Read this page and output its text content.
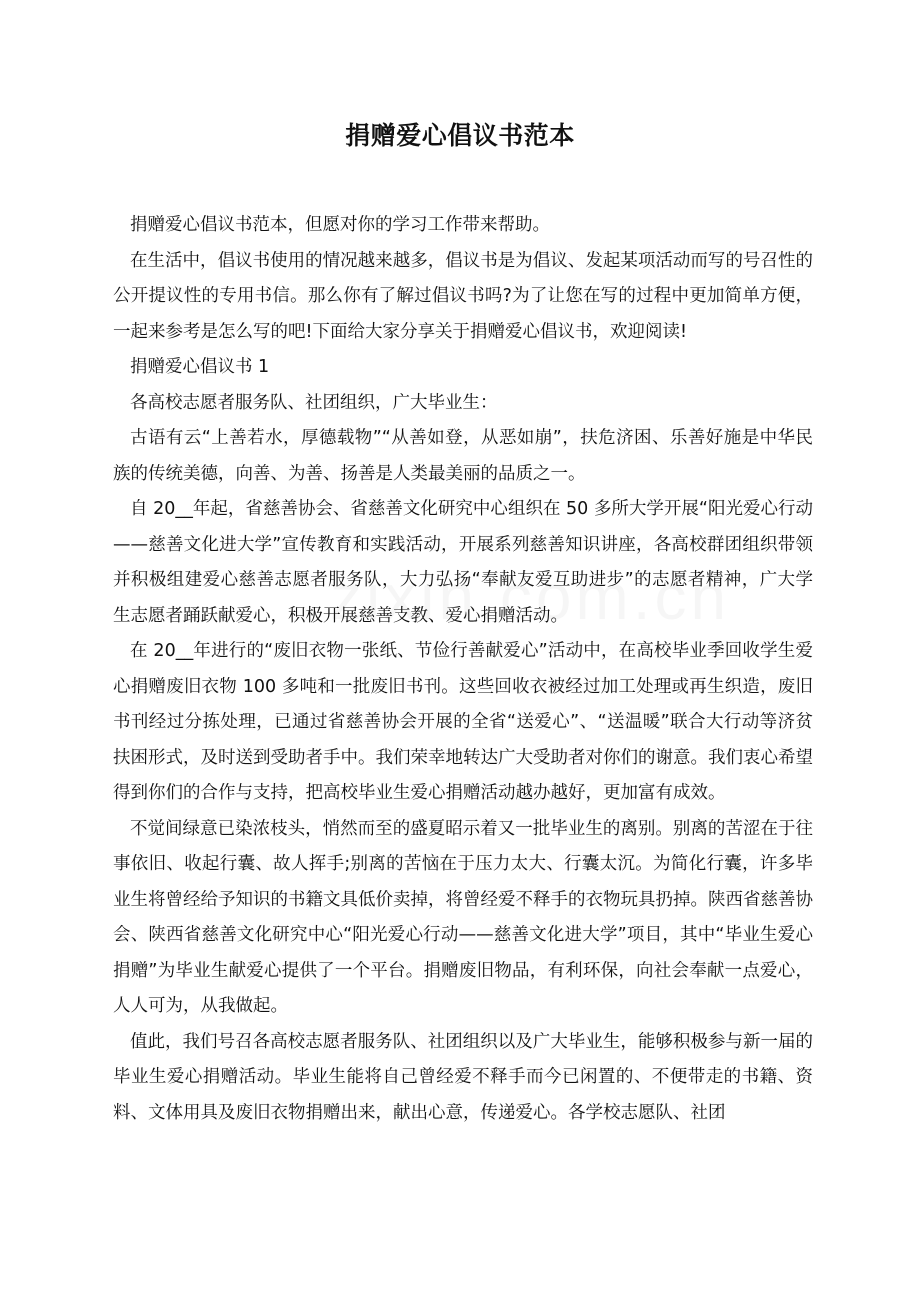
捐赠爱心倡议书范本

捐赠爱心倡议书范本，但愿对你的学习工作带来帮助。

在生活中，倡议书使用的情况越来越多，倡议书是为倡议、发起某项活动而写的号召性的公开提议性的专用书信。那么你有了解过倡议书吗?为了让您在写的过程中更加简单方便，一起来参考是怎么写的吧!下面给大家分享关于捐赠爱心倡议书，欢迎阅读!

捐赠爱心倡议书 1

各高校志愿者服务队、社团组织，广大毕业生：

古语有云“上善若水，厚德载物”“从善如登，从恶如崩”，扶危济困、乐善好施是中华民族的传统美德，向善、为善、扬善是人类最美丽的品质之一。

自 20__年起，省慈善协会、省慈善文化研究中心组织在 50 多所大学开展“阳光爱心行动——慈善文化进大学”宣传教育和实践活动，开展系列慈善知识讲座，各高校群团组织带领并积极组建爱心慈善志愿者服务队，大力弘扬“奉献友爱互助进步”的志愿者精神，广大学生志愿者踊跃献爱心，积极开展慈善支教、爱心捐赠活动。

在 20__年进行的“废旧衣物一张纸、节俭行善献爱心”活动中，在高校毕业季回收学生爱心捐赠废旧衣物 100 多吨和一批废旧书刊。这些回收衣被经过加工处理或再生织造，废旧书刊经过分拣处理，已通过省慈善协会开展的全省“送爱心”、“送温暖”联合大行动等济贫扶困形式，及时送到受助者手中。我们荣幸地转达广大受助者对你们的谢意。我们衷心希望得到你们的合作与支持，把高校毕业生爱心捐赠活动越办越好，更加富有成效。

不觉间绿意已染浓枝头，悄然而至的盛夏昭示着又一批毕业生的离别。别离的苦涩在于往事依旧、收起行囊、故人挥手;别离的苦恼在于压力太大、行囊太沉。为简化行囊，许多毕业生将曾经给予知识的书籍文具低价卖掉，将曾经爱不释手的衣物玩具扔掉。陕西省慈善协会、陕西省慈善文化研究中心“阳光爱心行动——慈善文化进大学”项目，其中“毕业生爱心捐赠”为毕业生献爱心提供了一个平台。捐赠废旧物品，有利环保，向社会奉献一点爱心，人人可为，从我做起。

值此，我们号召各高校志愿者服务队、社团组织以及广大毕业生，能够积极参与新一届的毕业生爱心捐赠活动。毕业生能将自己曾经爱不释手而今已闲置的、不便带走的书籍、资料、文体用具及废旧衣物捐赠出来，献出心意，传递爱心。各学校志愿队、社团
